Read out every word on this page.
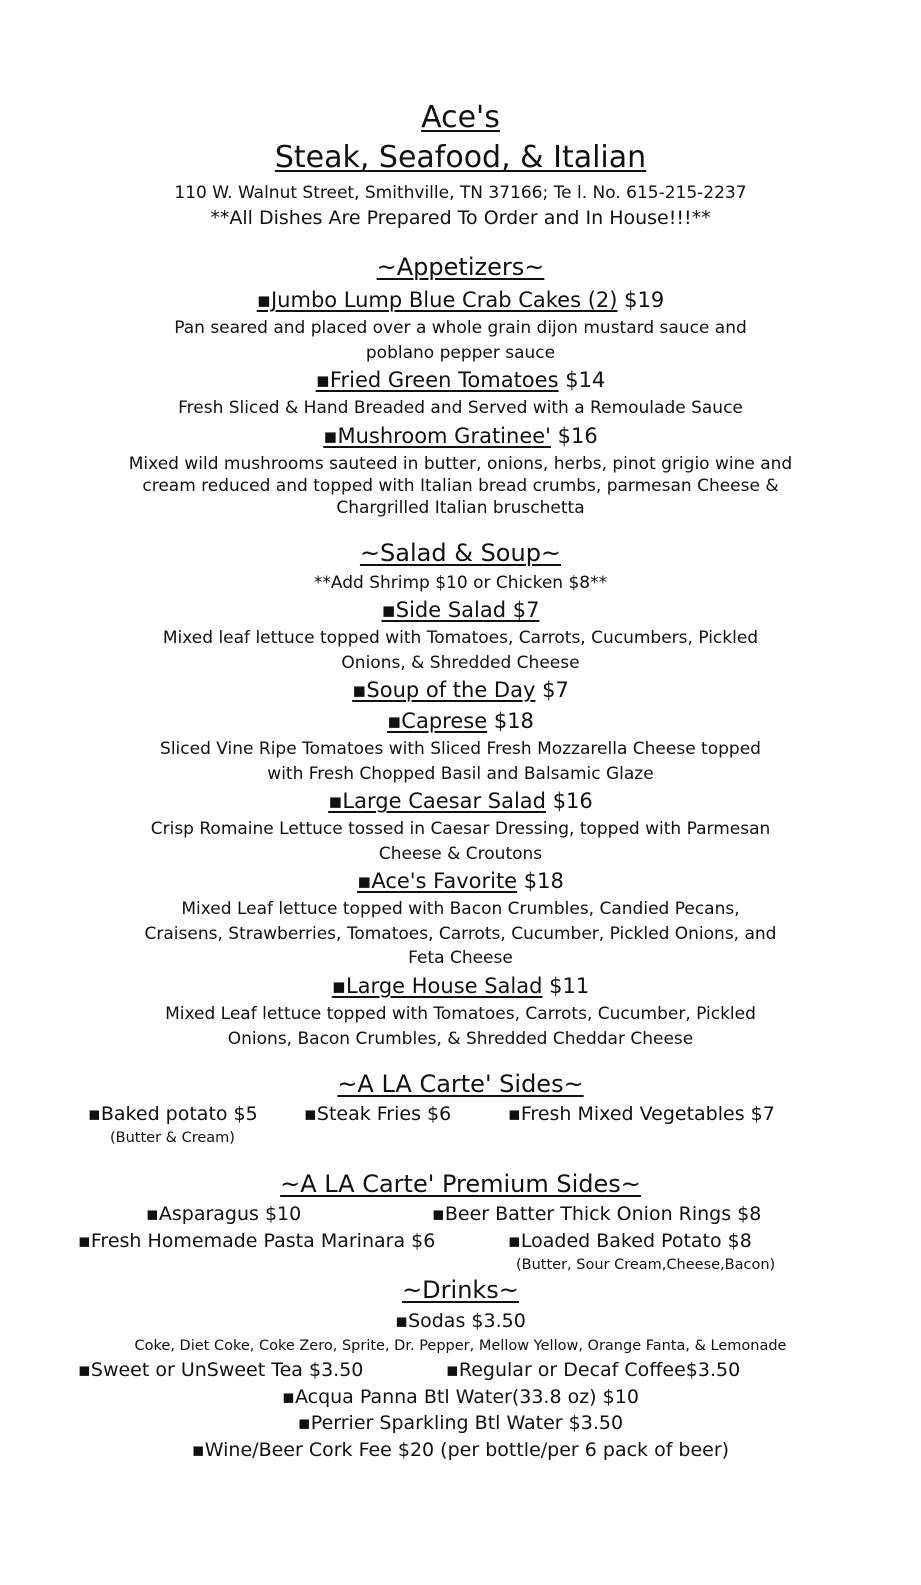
Ace's
Steak, Seafood, & Italian
110 W. Walnut Street, Smithville, TN 37166; Te l. No. 615-215-2237
**All Dishes Are Prepared To Order and In House!!!**
~Appetizers~
▪Jumbo Lump Blue Crab Cakes (2) $19
Pan seared and placed over a whole grain dijon mustard sauce and
poblano pepper sauce
▪Fried Green Tomatoes $14
Fresh Sliced & Hand Breaded and Served with a Remoulade Sauce
▪Mushroom Gratinee' $16
Mixed wild mushrooms sauteed in butter, onions, herbs, pinot grigio wine and
cream reduced and topped with Italian bread crumbs, parmesan Cheese &
Chargrilled Italian bruschetta
~Salad & Soup~
**Add Shrimp $10 or Chicken $8**
▪Side Salad $7
Mixed leaf lettuce topped with Tomatoes, Carrots, Cucumbers, Pickled
Onions, & Shredded Cheese
▪Soup of the Day $7
▪Caprese $18
Sliced Vine Ripe Tomatoes with Sliced Fresh Mozzarella Cheese topped
with Fresh Chopped Basil and Balsamic Glaze
▪Large Caesar Salad $16
Crisp Romaine Lettuce tossed in Caesar Dressing, topped with Parmesan
Cheese & Croutons
▪Ace's Favorite $18
Mixed Leaf lettuce topped with Bacon Crumbles, Candied Pecans,
Craisens, Strawberries, Tomatoes, Carrots, Cucumber, Pickled Onions, and
Feta Cheese
▪Large House Salad $11
Mixed Leaf lettuce topped with Tomatoes, Carrots, Cucumber, Pickled
Onions, Bacon Crumbles, & Shredded Cheddar Cheese
~A LA Carte' Sides~
▪Baked potato $5
(Butter & Cream)
▪Steak Fries $6	▪Fresh Mixed Vegetables $7
~A LA Carte' Premium Sides~
▪Asparagus $10	▪Beer Batter Thick Onion Rings $8
▪Fresh Homemade Pasta Marinara $6	▪Loaded Baked Potato $8
(Butter, Sour Cream,Cheese,Bacon)
~Drinks~
▪Sodas $3.50
Coke, Diet Coke, Coke Zero, Sprite, Dr. Pepper, Mellow Yellow, Orange Fanta, & Lemonade
▪Sweet or UnSweet Tea $3.50	▪Regular or Decaf Coffee$3.50
▪Acqua Panna Btl Water(33.8 oz) $10
▪Perrier Sparkling Btl Water $3.50
▪Wine/Beer Cork Fee $20 (per bottle/per 6 pack of beer)
